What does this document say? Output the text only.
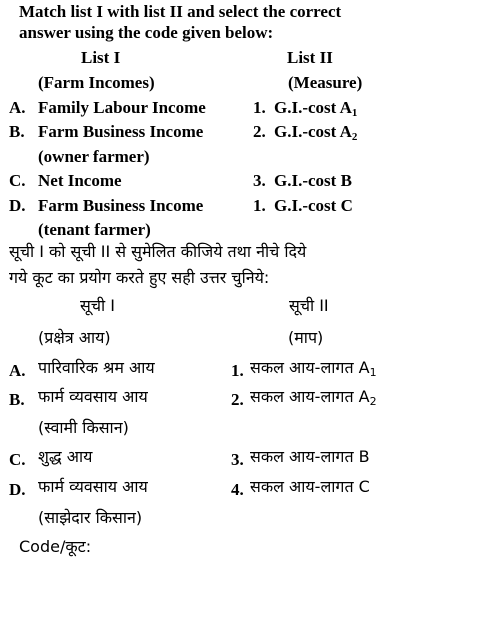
Match list I with list II and select the correct
answer using the code given below:
List I	List II
(Farm Incomes)	(Measure)
A. Family Labour Income	1. G.I.-cost $A_1$
B. Farm Business Income	2. G.I.-cost $A_2$
(owner farmer)
C. Net Income	3. G.I.-cost B
D. Farm Business Income	1. G.I.-cost C
(tenant farmer)
सूची I को सूची II से सुमेलित कीजिये तथा नीचे दिये
गये कूट का प्रयोग करते हुए सही उत्तर चुनिये:
सूची I	सूची II
(प्रक्षेत्र आय)	(माप)
A. पारिवारिक श्रम आय	1. सकल आय-लागत $A_1$
B. फार्म व्यवसाय आय	2. सकल आय-लागत $A_2$
(स्वामी किसान)
C. शुद्ध आय	3. सकल आय-लागत B
D. फार्म व्यवसाय आय	4. सकल आय-लागत C
(साझेदार किसान)
Code/कूट:
